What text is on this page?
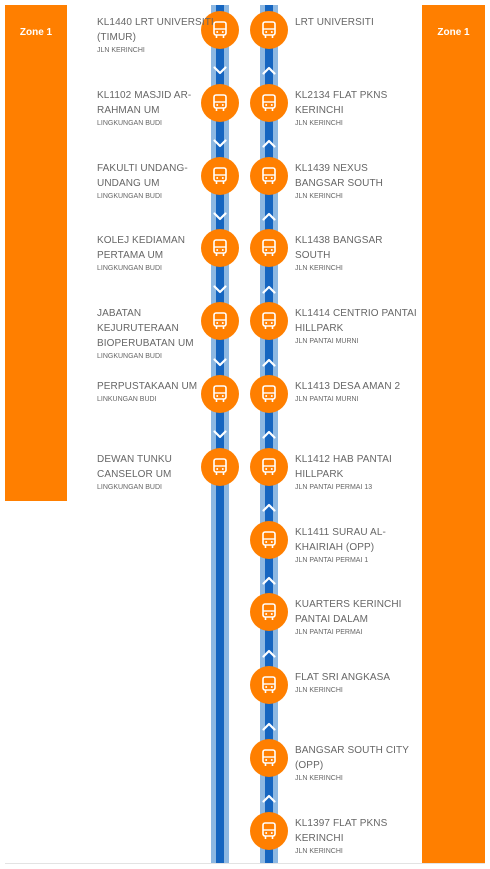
Zone 1	Zone 1
KL1440 LRT UNIVERSITI (TIMUR)
JLN KERINCHI
KL1102 MASJID AR-RAHMAN UM
LINGKUNGAN BUDI
FAKULTI UNDANG-UNDANG UM
LINGKUNGAN BUDI
KOLEJ KEDIAMAN PERTAMA UM
LINGKUNGAN BUDI
JABATAN KEJURUTERAAN BIOPERUBATAN UM
LINGKUNGAN BUDI
PERPUSTAKAAN UM
LINKUNGAN BUDI
DEWAN TUNKU CANSELOR UM
LINGKUNGAN BUDI
LRT UNIVERSITI
KL2134 FLAT PKNS KERINCHI
JLN KERINCHI
KL1439 NEXUS BANGSAR SOUTH
JLN KERINCHI
KL1438 BANGSAR SOUTH
JLN KERINCHI
KL1414 CENTRIO PANTAI HILLPARK
JLN PANTAI MURNI
KL1413 DESA AMAN 2
JLN PANTAI MURNI
KL1412 HAB PANTAI HILLPARK
JLN PANTAI PERMAI 13
KL1411 SURAU AL-KHAIRIAH (OPP)
JLN PANTAI PERMAI 1
KUARTERS KERINCHI PANTAI DALAM
JLN PANTAI PERMAI
FLAT SRI ANGKASA
JLN KERINCHI
BANGSAR SOUTH CITY (OPP)
JLN KERINCHI
KL1397 FLAT PKNS KERINCHI
JLN KERINCHI
